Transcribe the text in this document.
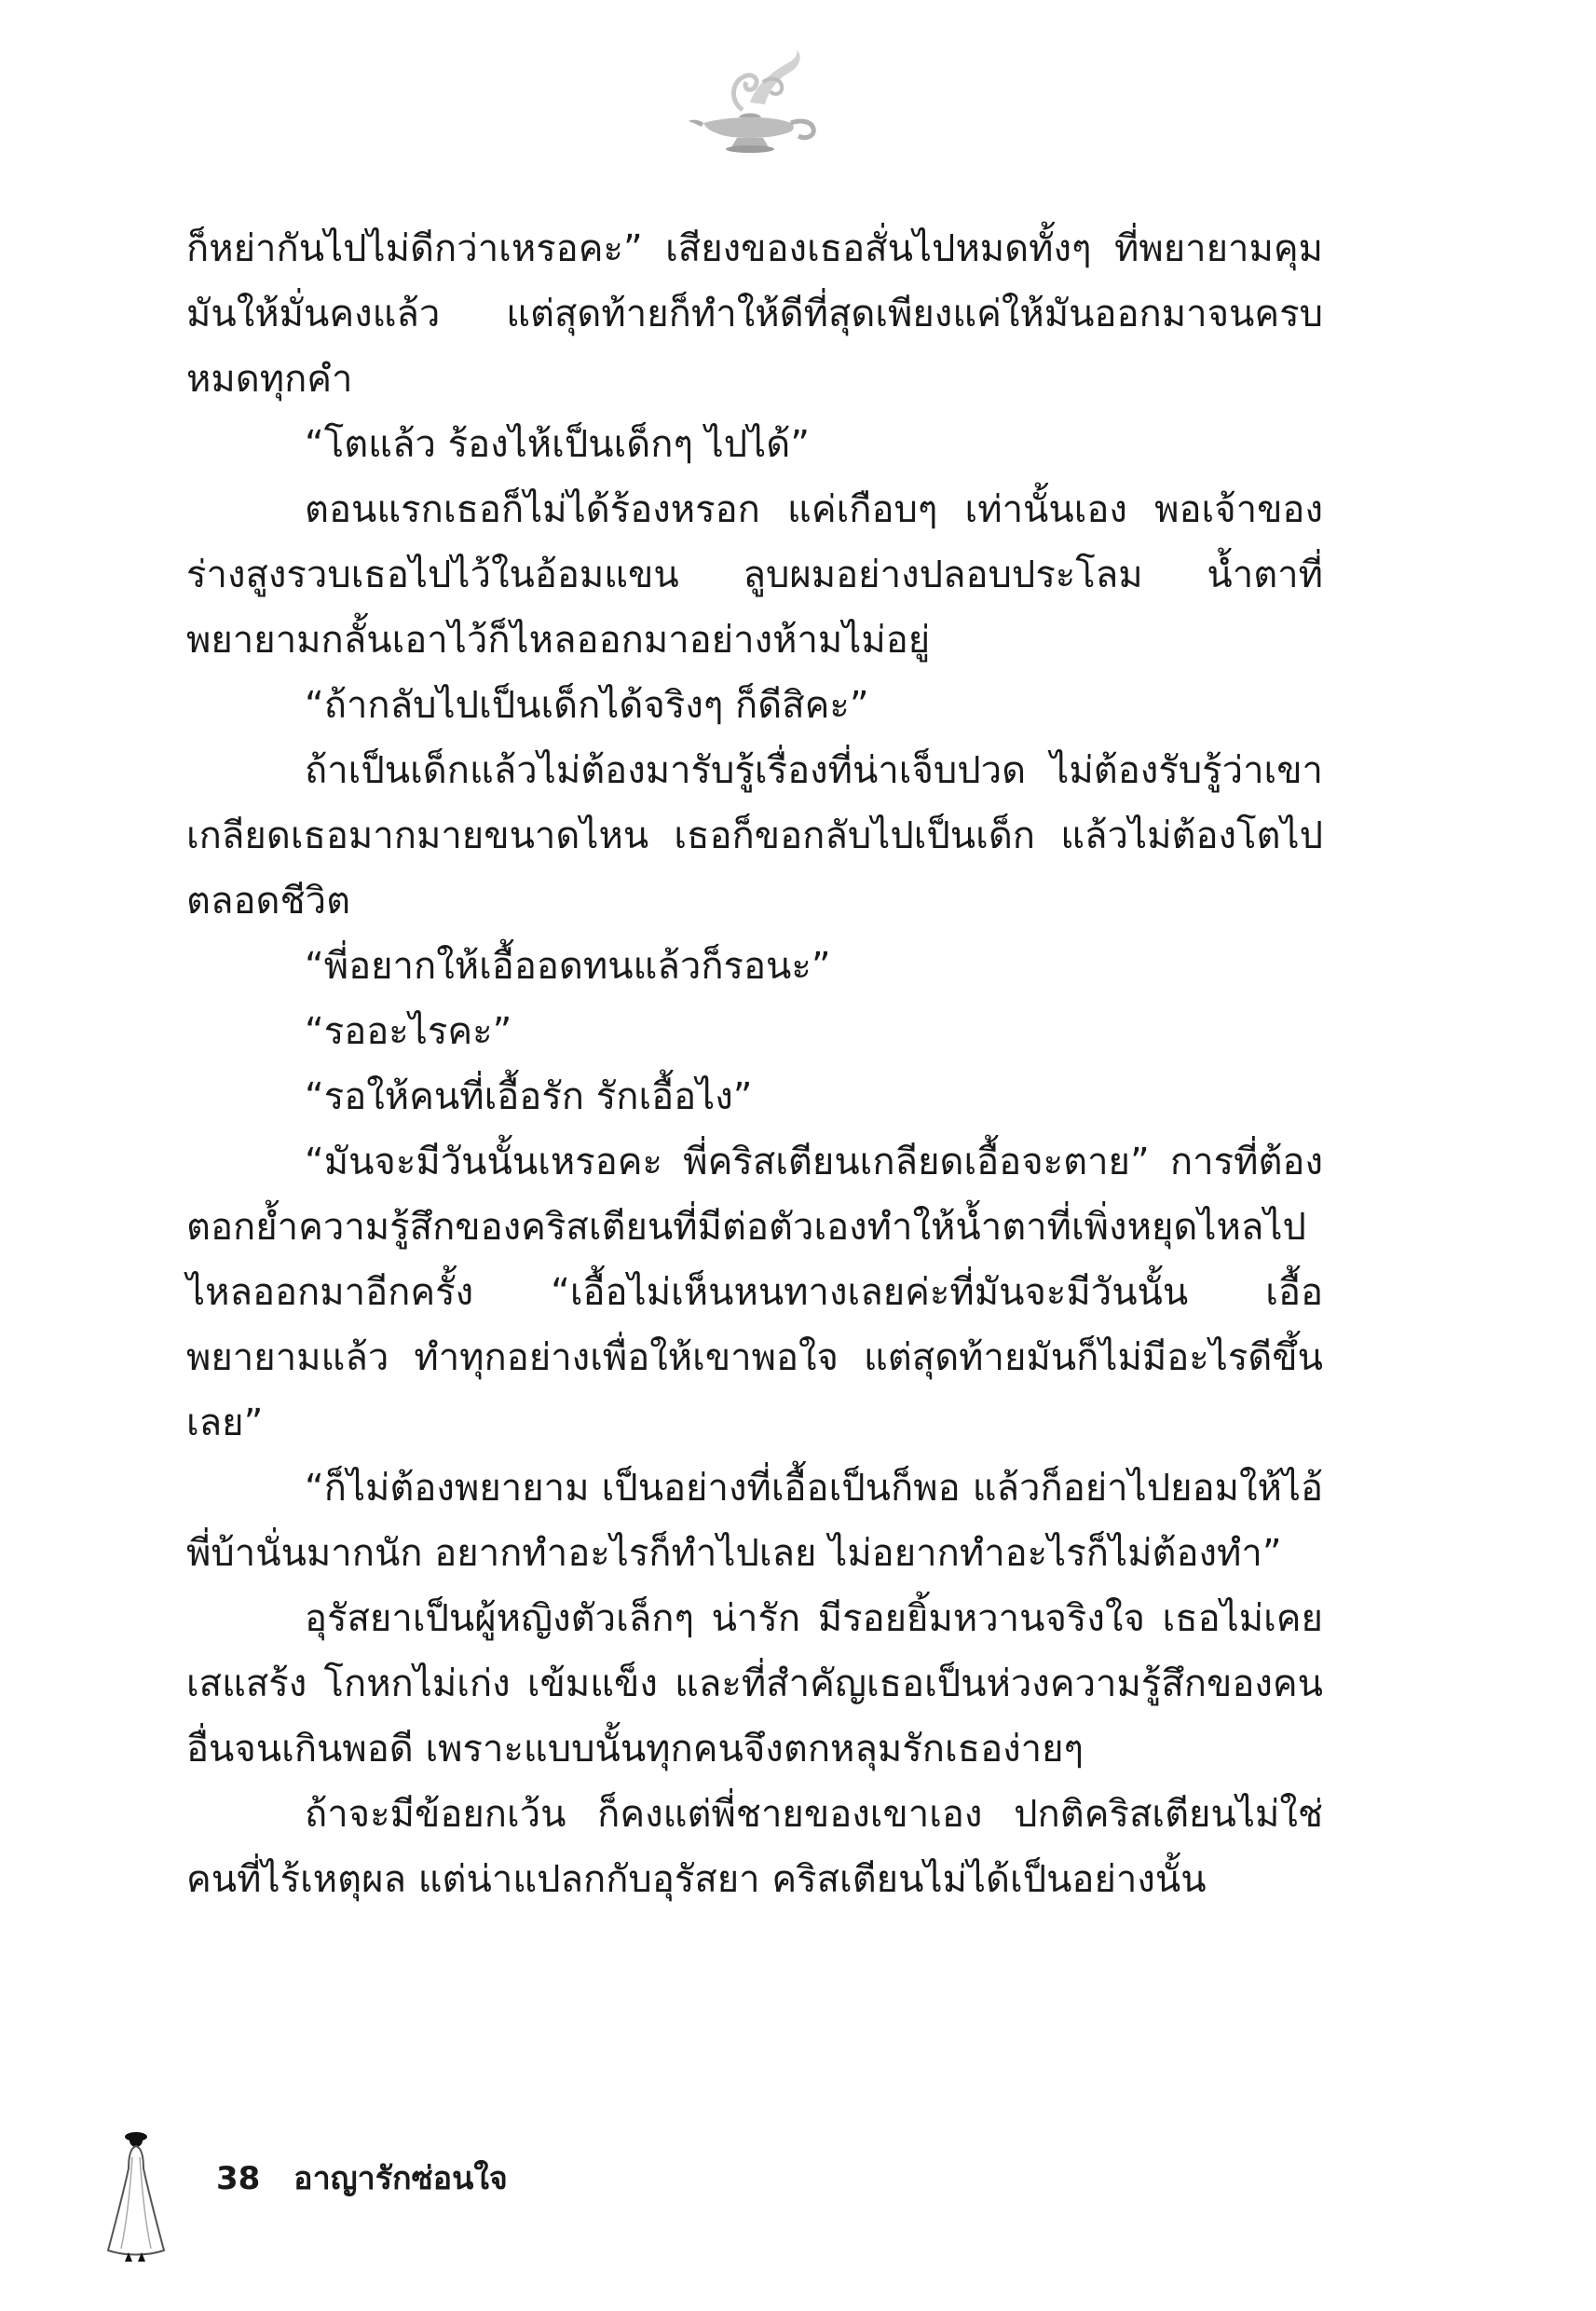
ก็หย่ากันไปไม่ดีกว่าเหรอคะ” เสียงของเธอสั่นไปหมดทั้งๆ ที่พยายามคุมมันให้มั่นคงแล้ว แต่สุดท้ายก็ทำให้ดีที่สุดเพียงแค่ให้มันออกมาจนครบหมดทุกคำ

“โตแล้ว ร้องไห้เป็นเด็กๆ ไปได้”

ตอนแรกเธอก็ไม่ได้ร้องหรอก แค่เกือบๆ เท่านั้นเอง พอเจ้าของร่างสูงรวบเธอไปไว้ในอ้อมแขน ลูบผมอย่างปลอบประโลม น้ำตาที่พยายามกลั้นเอาไว้ก็ไหลออกมาอย่างห้ามไม่อยู่

“ถ้ากลับไปเป็นเด็กได้จริงๆ ก็ดีสิคะ”

ถ้าเป็นเด็กแล้วไม่ต้องมารับรู้เรื่องที่น่าเจ็บปวด ไม่ต้องรับรู้ว่าเขาเกลียดเธอมากมายขนาดไหน เธอก็ขอกลับไปเป็นเด็ก แล้วไม่ต้องโตไปตลอดชีวิต

“พี่อยากให้เอื้ออดทนแล้วก็รอนะ”

“รออะไรคะ”

“รอให้คนที่เอื้อรัก รักเอื้อไง”

“มันจะมีวันนั้นเหรอคะ พี่คริสเตียนเกลียดเอื้อจะตาย” การที่ต้องตอกย้ำความรู้สึกของคริสเตียนที่มีต่อตัวเองทำให้น้ำตาที่เพิ่งหยุดไหลไปไหลออกมาอีกครั้ง “เอื้อไม่เห็นหนทางเลยค่ะที่มันจะมีวันนั้น เอื้อพยายามแล้ว ทำทุกอย่างเพื่อให้เขาพอใจ แต่สุดท้ายมันก็ไม่มีอะไรดีขึ้นเลย”

“ก็ไม่ต้องพยายาม เป็นอย่างที่เอื้อเป็นก็พอ แล้วก็อย่าไปยอมให้ไอ้พี่บ้านั่นมากนัก อยากทำอะไรก็ทำไปเลย ไม่อยากทำอะไรก็ไม่ต้องทำ”

อุรัสยาเป็นผู้หญิงตัวเล็กๆ น่ารัก มีรอยยิ้มหวานจริงใจ เธอไม่เคยเสแสร้ง โกหกไม่เก่ง เข้มแข็ง และที่สำคัญเธอเป็นห่วงความรู้สึกของคนอื่นจนเกินพอดี เพราะแบบนั้นทุกคนจึงตกหลุมรักเธอง่ายๆ

ถ้าจะมีข้อยกเว้น ก็คงแต่พี่ชายของเขาเอง ปกติคริสเตียนไม่ใช่คนที่ไร้เหตุผล แต่น่าแปลกกับอุรัสยา คริสเตียนไม่ได้เป็นอย่างนั้น

38 อาญารักซ่อนใจ
